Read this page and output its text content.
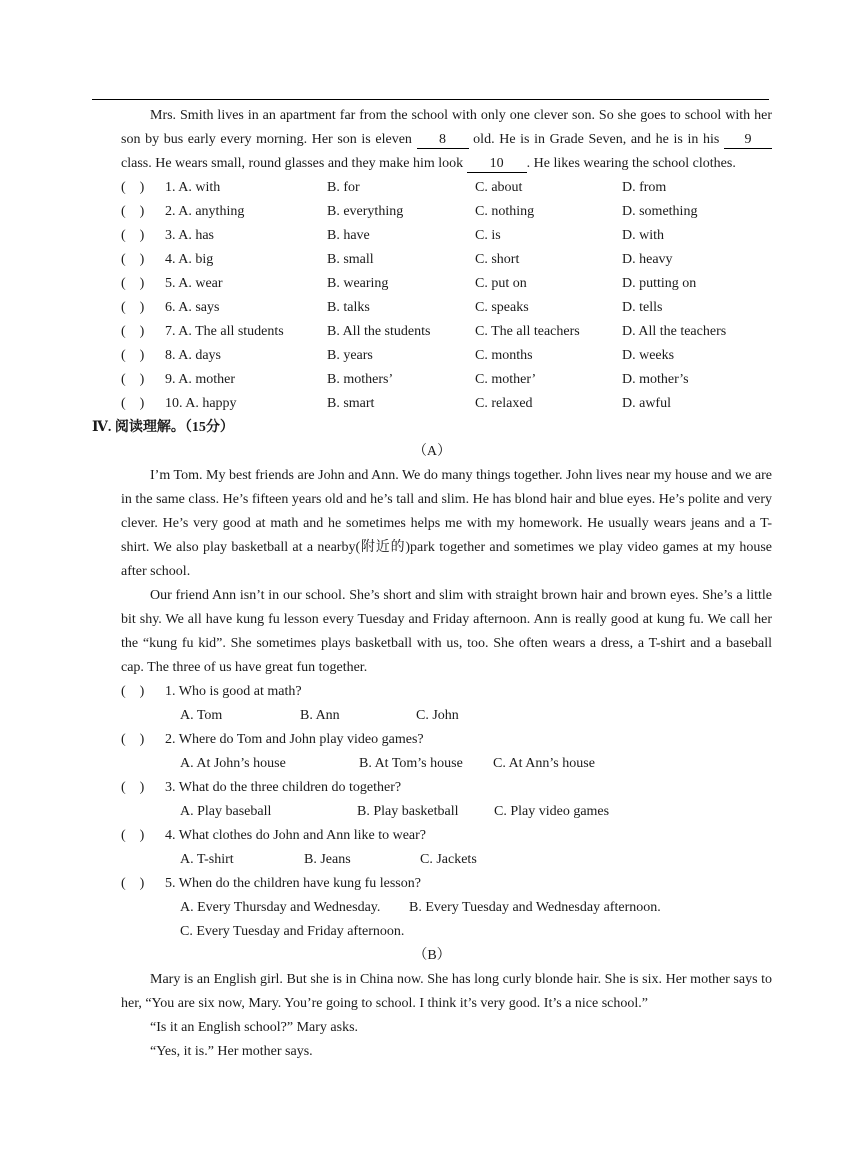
Mrs. Smith lives in an apartment far from the school with only one clever son. So she goes to school with her son by bus early every morning. Her son is eleven 8 old. He is in Grade Seven, and he is in his 9 class. He wears small, round glasses and they make him look 10 . He likes wearing the school clothes.

(　) 1. A. with	B. for	C. about	D. from
(　) 2. A. anything	B. everything	C. nothing	D. something
(　) 3. A. has	B. have	C. is	D. with
(　) 4. A. big	B. small	C. short	D. heavy
(　) 5. A. wear	B. wearing	C. put on	D. putting on
(　) 6. A. says	B. talks	C. speaks	D. tells
(　) 7. A. The all students	B. All the students	C. The all teachers	D. All the teachers
(　) 8. A. days	B. years	C. months	D. weeks
(　) 9. A. mother	B. mothers’	C. mother’	D. mother’s
(　) 10. A. happy	B. smart	C. relaxed	D. awful
Ⅳ. 阅读理解。（15分）
（A）

I’m Tom. My best friends are John and Ann. We do many things together. John lives near my house and we are in the same class. He’s fifteen years old and he’s tall and slim. He has blond hair and blue eyes. He’s polite and very clever. He’s very good at math and he sometimes helps me with my homework. He usually wears jeans and a T-shirt. We also play basketball at a nearby(附近的)park together and sometimes we play video games at my house after school.

Our friend Ann isn’t in our school. She’s short and slim with straight brown hair and brown eyes. She’s a little bit shy. We all have kung fu lesson every Tuesday and Friday afternoon. Ann is really good at kung fu. We call her the “kung fu kid”. She sometimes plays basketball with us, too. She often wears a dress, a T-shirt and a baseball cap. The three of us have great fun together.

(　) 1. Who is good at math?
A. Tom	B. Ann	C. John
(　) 2. Where do Tom and John play video games?
A. At John’s house	B. At Tom’s house C. At Ann’s house
(　) 3. What do the three children do together?
A. Play baseball	B. Play basketball	C. Play video games
(　) 4. What clothes do John and Ann like to wear?
A. T-shirt	B. Jeans	C. Jackets
(　) 5. When do the children have kung fu lesson?
A. Every Thursday and Wednesday. B. Every Tuesday and Wednesday afternoon.
C. Every Tuesday and Friday afternoon.
（B）

Mary is an English girl. But she is in China now. She has long curly blonde hair. She is six. Her mother says to her, “You are six now, Mary. You’re going to school. I think it’s very good. It’s a nice school.”

“Is it an English school?” Mary asks.

“Yes, it is.” Her mother says.
